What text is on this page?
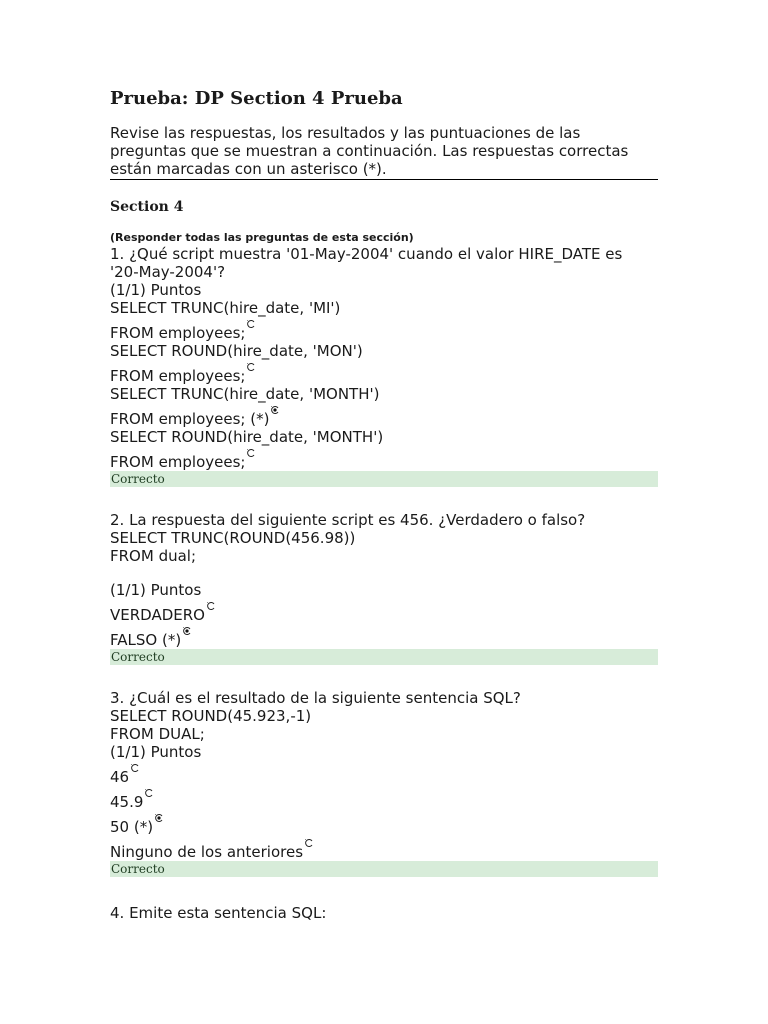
Prueba: DP Section 4 Prueba
Revise las respuestas, los resultados y las puntuaciones de las preguntas que se muestran a continuación. Las respuestas correctas están marcadas con un asterisco (*).
Section 4
(Responder todas las preguntas de esta sección)
1. ¿Qué script muestra '01-May-2004' cuando el valor HIRE_DATE es
'20-May-2004'?
(1/1) Puntos
SELECT TRUNC(hire_date, 'MI')
FROM employees;
SELECT ROUND(hire_date, 'MON')
FROM employees;
SELECT TRUNC(hire_date, 'MONTH')
FROM employees; (*)
SELECT ROUND(hire_date, 'MONTH')
FROM employees;
Correcto
2. La respuesta del siguiente script es 456. ¿Verdadero o falso?
SELECT TRUNC(ROUND(456.98))
FROM dual;
(1/1) Puntos
VERDADERO
FALSO (*)
Correcto
3. ¿Cuál es el resultado de la siguiente sentencia SQL?
SELECT ROUND(45.923,-1)
FROM DUAL;
(1/1) Puntos
46
45.9
50 (*)
Ninguno de los anteriores
Correcto
4. Emite esta sentencia SQL:
